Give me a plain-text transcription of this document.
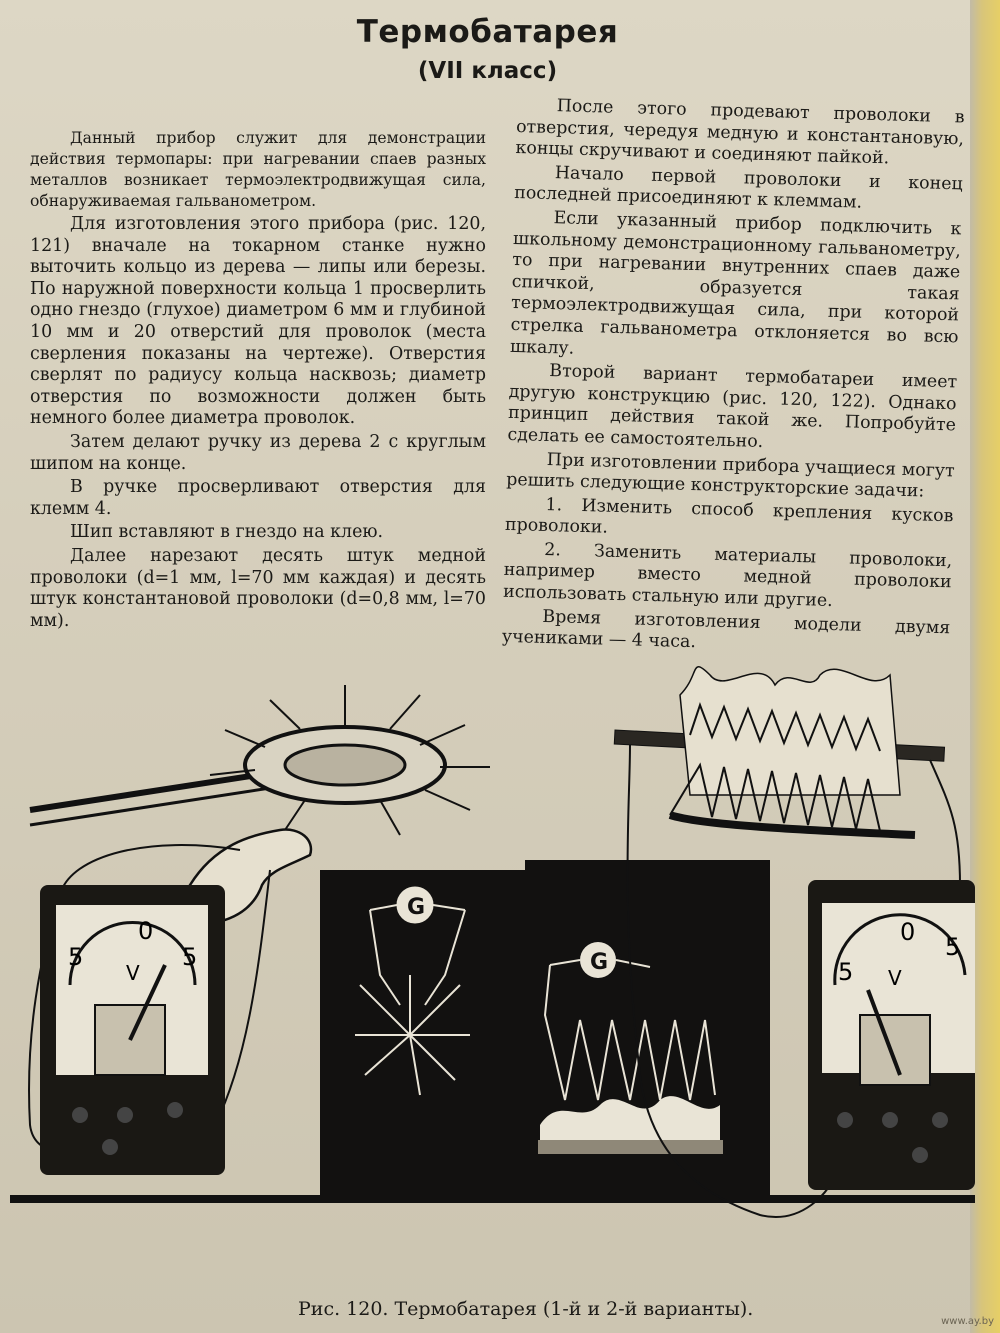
Термобатарея
(VII класс)

Данный прибор служит для демонстрации действия термопары: при нагревании спаев разных металлов возникает термоэлектродвижущая сила, обнаруживаемая гальванометром.

Для изготовления этого прибора (рис. 120, 121) вначале на токарном станке нужно выточить кольцо из дерева — липы или березы. По наружной поверхности кольца 1 просверлить одно гнездо (глухое) диаметром 6 мм и глубиной 10 мм и 20 отверстий для проволок (места сверления показаны на чертеже). Отверстия сверлят по радиусу кольца насквозь; диаметр отверстия по возможности должен быть немного более диаметра проволок.

Затем делают ручку из дерева 2 с круглым шипом на конце.

В ручке просверливают отверстия для клемм 4.

Шип вставляют в гнездо на клею.

Далее нарезают десять штук медной проволоки (d=1 мм, l=70 мм каждая) и десять штук константановой проволоки (d=0,8 мм, l=70 мм).

После этого продевают проволоки в отверстия, чередуя медную и константановую, концы скручивают и соединяют пайкой.

Начало первой проволоки и конец последней присоединяют к клеммам.

Если указанный прибор подключить к школьному демонстрационному гальванометру, то при нагревании внутренних спаев даже спичкой, образуется такая термоэлектродвижущая сила, при которой стрелка гальванометра отклоняется во всю шкалу.

Второй вариант термобатареи имеет другую конструкцию (рис. 120, 122). Однако принцип действия такой же. Попробуйте сделать ее самостоятельно.

При изготовлении прибора учащиеся могут решить следующие конструкторские задачи:

1. Изменить способ крепления кусков проволоки.

2. Заменить материалы проволоки, например вместо медной проволоки использовать стальную или другие.

Время изготовления модели двумя учениками — 4 часа.

5
0
5
V
G
G	5
0
5
V
Рис. 120. Термобатарея (1-й и 2-й варианты).
www.ay.by
